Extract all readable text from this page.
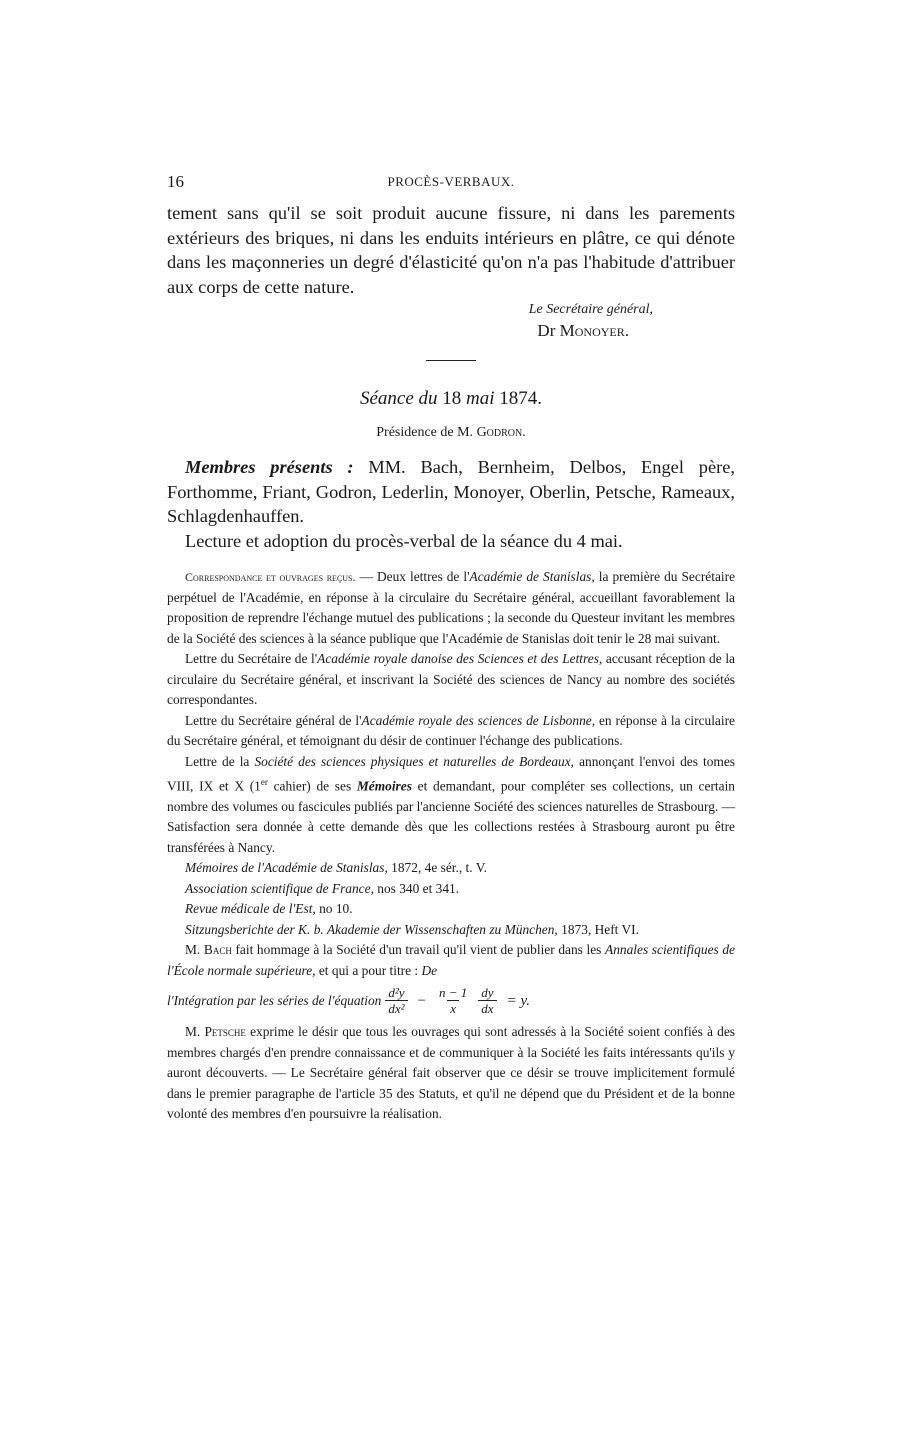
16	PROCÈS-VERBAUX.

tement sans qu'il se soit produit aucune fissure, ni dans les parements extérieurs des briques, ni dans les enduits intérieurs en plâtre, ce qui dénote dans les maçonneries un degré d'élasticité qu'on n'a pas l'habitude d'attribuer aux corps de cette nature.

Le Secrétaire général,

Dr Monoyer.

Séance du 18 mai 1874.

Présidence de M. Godron.

Membres présents : MM. Bach, Bernheim, Delbos, Engel père, Forthomme, Friant, Godron, Lederlin, Monoyer, Oberlin, Petsche, Rameaux, Schlagdenhauffen.

Lecture et adoption du procès-verbal de la séance du 4 mai.

Correspondance et ouvrages reçus. — Deux lettres de l'Académie de Stanislas, la première du Secrétaire perpétuel de l'Académie, en réponse à la circulaire du Secrétaire général, accueillant favorablement la proposition de reprendre l'échange mutuel des publications ; la seconde du Questeur invitant les membres de la Société des sciences à la séance publique que l'Académie de Stanislas doit tenir le 28 mai suivant.

Lettre du Secrétaire de l'Académie royale danoise des Sciences et des Lettres, accusant réception de la circulaire du Secrétaire général, et inscrivant la Société des sciences de Nancy au nombre des sociétés correspondantes.

Lettre du Secrétaire général de l'Académie royale des sciences de Lisbonne, en réponse à la circulaire du Secrétaire général, et témoignant du désir de continuer l'échange des publications.

Lettre de la Société des sciences physiques et naturelles de Bordeaux, annonçant l'envoi des tomes VIII, IX et X (1er cahier) de ses Mémoires et demandant, pour compléter ses collections, un certain nombre des volumes ou fascicules publiés par l'ancienne Société des sciences naturelles de Strasbourg. — Satisfaction sera donnée à cette demande dès que les collections restées à Strasbourg auront pu être transférées à Nancy.

Mémoires de l'Académie de Stanislas, 1872, 4e sér., t. V.

Association scientifique de France, nos 340 et 341.

Revue médicale de l'Est, no 10.

Sitzungsberichte der K. b. Akademie der Wissenschaften zu München, 1873, Heft VI.

M. Bach fait hommage à la Société d'un travail qu'il vient de publier dans les Annales scientifiques de l'École normale supérieure, et qui a pour titre : De

l'Intégration par les séries de l'équation $\frac{\text{d²y}}{\text{dx²}} - \frac{n - 1}{x} \frac{dy}{dx} = y$.

M. Petsche exprime le désir que tous les ouvrages qui sont adressés à la Société soient confiés à des membres chargés d'en prendre connaissance et de communiquer à la Société les faits intéressants qu'ils y auront découverts. — Le Secrétaire général fait observer que ce désir se trouve implicitement formulé dans le premier paragraphe de l'article 35 des Statuts, et qu'il ne dépend que du Président et de la bonne volonté des membres d'en poursuivre la réalisation.
